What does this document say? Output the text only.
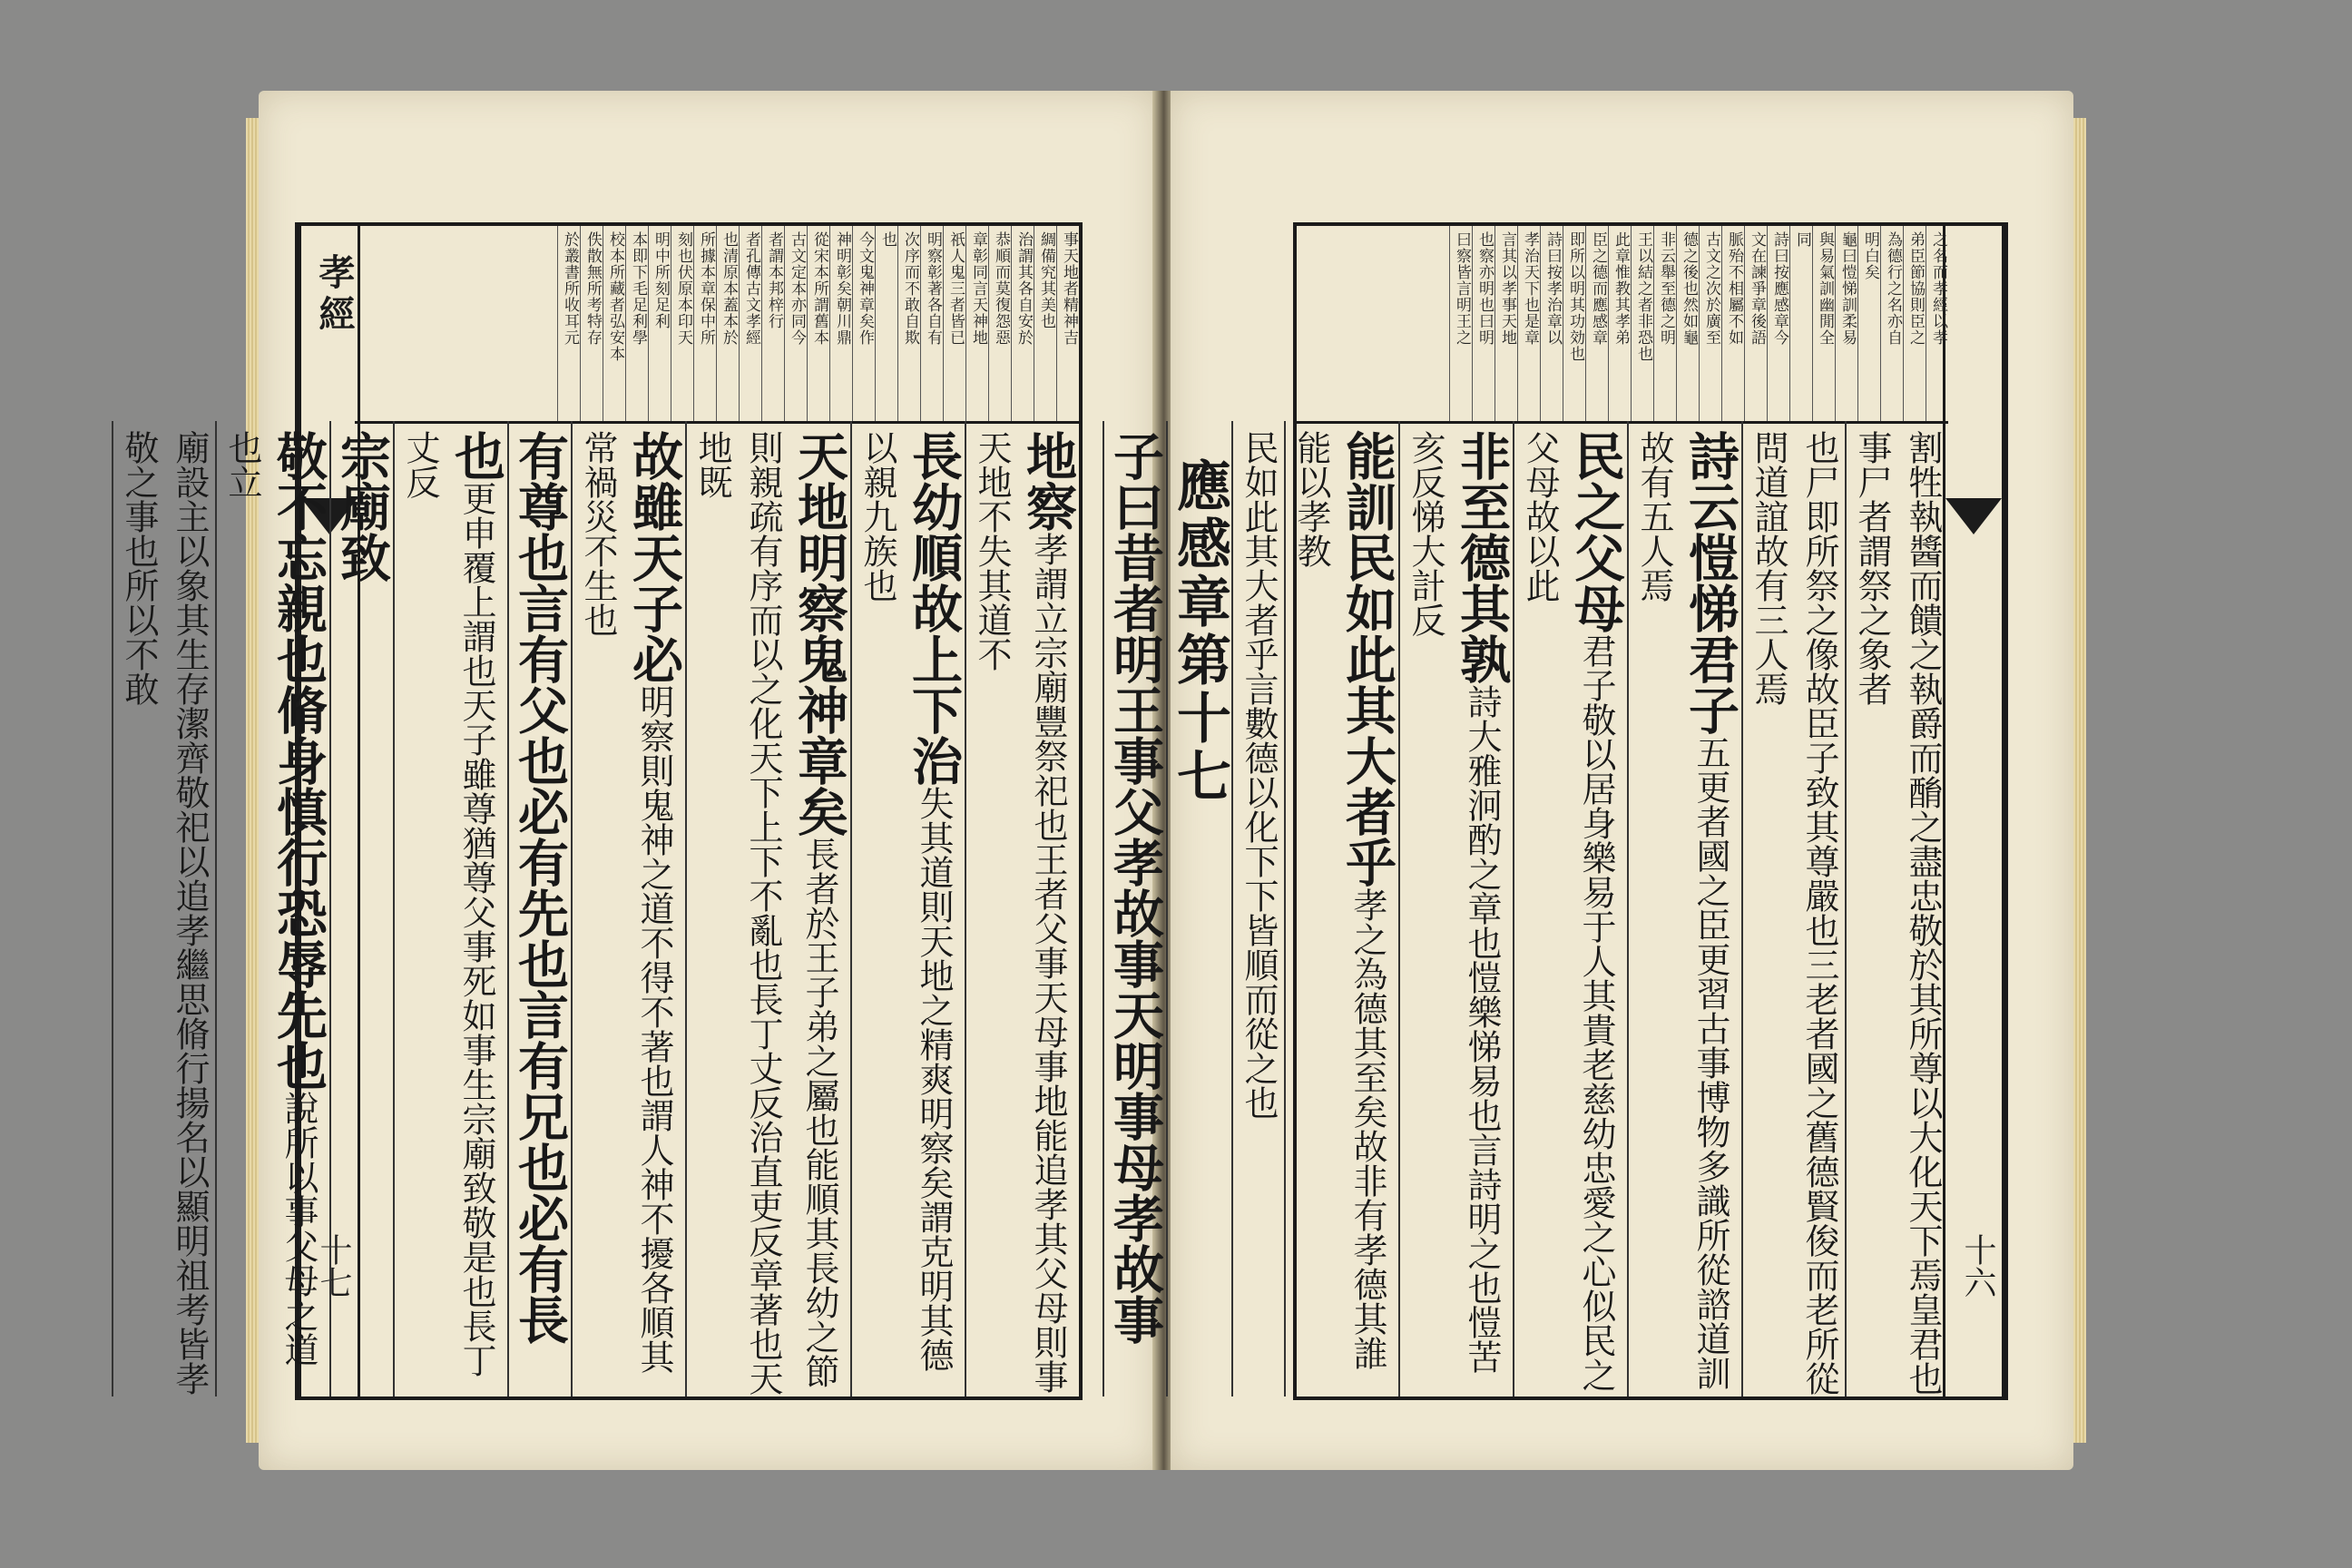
孝經
十七
事天地者精神吉
綢備究其美也
治謂其各自安於
恭順而莫復怨惡
章彰同言天神地
祇人鬼三者皆已
明察彰著各自有
次序而不敢自欺
也
今文鬼神章矣作
神明彰矣朝川鼎
從宋本所謂舊本
古文定本亦同今
者謂本邦梓行
者孔傳古文孝經
也清原本蓋本於
所據本章保中所
刻也伏原本印天
明中所刻足利
本即下毛足利學
校本所藏者弘安本
佚散無所考特存
於叢書所收耳元
地察孝謂立宗廟豐祭祀也王者父事天母事地能追孝其父母則事天地不失其道不
長幼順故上下治失其道則天地之精爽明察矣謂克明其德以親九族也
天地明察鬼神章矣長者於王子弟之屬也能順其長幼之節則親疏有序而以之化天下上下不亂也長丁丈反治直吏反章著也天地既
故雖天子必明察則鬼神之道不得不著也謂人神不擾各順其常禍災不生也
有尊也言有父也必有先也言有兄也必有長
也更申覆上謂也天子雖尊猶尊父事死如事生宗廟致敬是也長丁丈反
宗廟致
敬不忘親也脩身慎行恐辱先也說所以事父母之道也立
廟設主以象其生存潔齊敬祀以追孝繼思脩行揚名以顯明祖考皆孝敬之事也所以不敢
十六
之名而孝經以孝
弟臣節協則臣之
為德行之名亦自
明白矣
龜曰愷悌訓柔易
與易氣訓幽閒全
同
詩曰按應感章今
文在諫爭章後語
脈殆不相屬不如
古文之次於廣至
德之後也然如龜
非云舉至德之明
王以結之者非恐也
此章惟教其孝弟
臣之德而應感章
即所以明其功効也
詩曰按孝治章以
孝治天下也是章
言其以孝事天地
也察亦明也曰明
曰察皆言明王之
割牲執醬而饋之執爵而酳之盡忠敬於其所尊以大化天下焉皇君也事尸者謂祭之象者
也尸即所祭之像故臣子致其尊嚴也三老者國之舊德賢俊而老所從問道誼故有三人焉
詩云愷悌君子五更者國之臣更習古事博物多識所從諮道訓故有五人焉
民之父母君子敬以居身樂易于人其貴老慈幼忠愛之心似民之父母故以此
非至德其孰詩大雅泂酌之章也愷樂悌易也言詩明之也愷苦亥反悌大計反
能訓民如此其大者乎孝之為德其至矣故非有孝德其誰能以孝教
民如此其大者乎言數德以化下下皆順而從之也
應感章第十七
子曰昔者明王事父孝故事天明事母孝故事
